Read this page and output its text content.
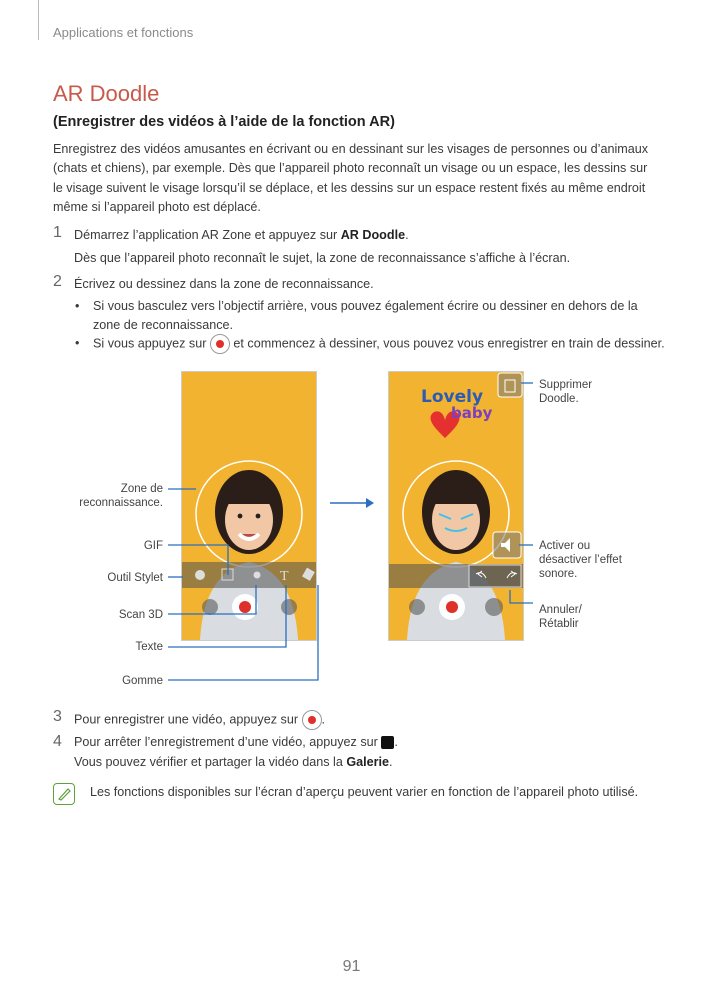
Applications et fonctions
AR Doodle
(Enregistrer des vidéos à l’aide de la fonction AR)
Enregistrez des vidéos amusantes en écrivant ou en dessinant sur les visages de personnes ou d’animaux (chats et chiens), par exemple. Dès que l’appareil photo reconnaît un visage ou un espace, les dessins sur le visage suivent le visage lorsqu’il se déplace, et les dessins sur un espace restent fixés au même endroit même si l’appareil photo est déplacé.
1 Démarrez l’application AR Zone et appuyez sur AR Doodle.
Dès que l’appareil photo reconnaît le sujet, la zone de reconnaissance s’affiche à l’écran.
2 Écrivez ou dessinez dans la zone de reconnaissance.
• Si vous basculez vers l’objectif arrière, vous pouvez également écrire ou dessiner en dehors de la zone de reconnaissance.
• Si vous appuyez sur  et commencez à dessiner, vous pouvez vous enregistrer en train de dessiner.
T
Lovely
baby
Zone de
reconnaissance.
GIF
Outil Stylet
Scan 3D
Texte
Gomme
Supprimer
Doodle.
Activer ou
désactiver l’effet
sonore.
Annuler/
Rétablir
3 Pour enregistrer une vidéo, appuyez sur .
4 Pour arrêter l’enregistrement d’une vidéo, appuyez sur .
Vous pouvez vérifier et partager la vidéo dans la Galerie.
Les fonctions disponibles sur l’écran d’aperçu peuvent varier en fonction de l’appareil photo utilisé.
91
